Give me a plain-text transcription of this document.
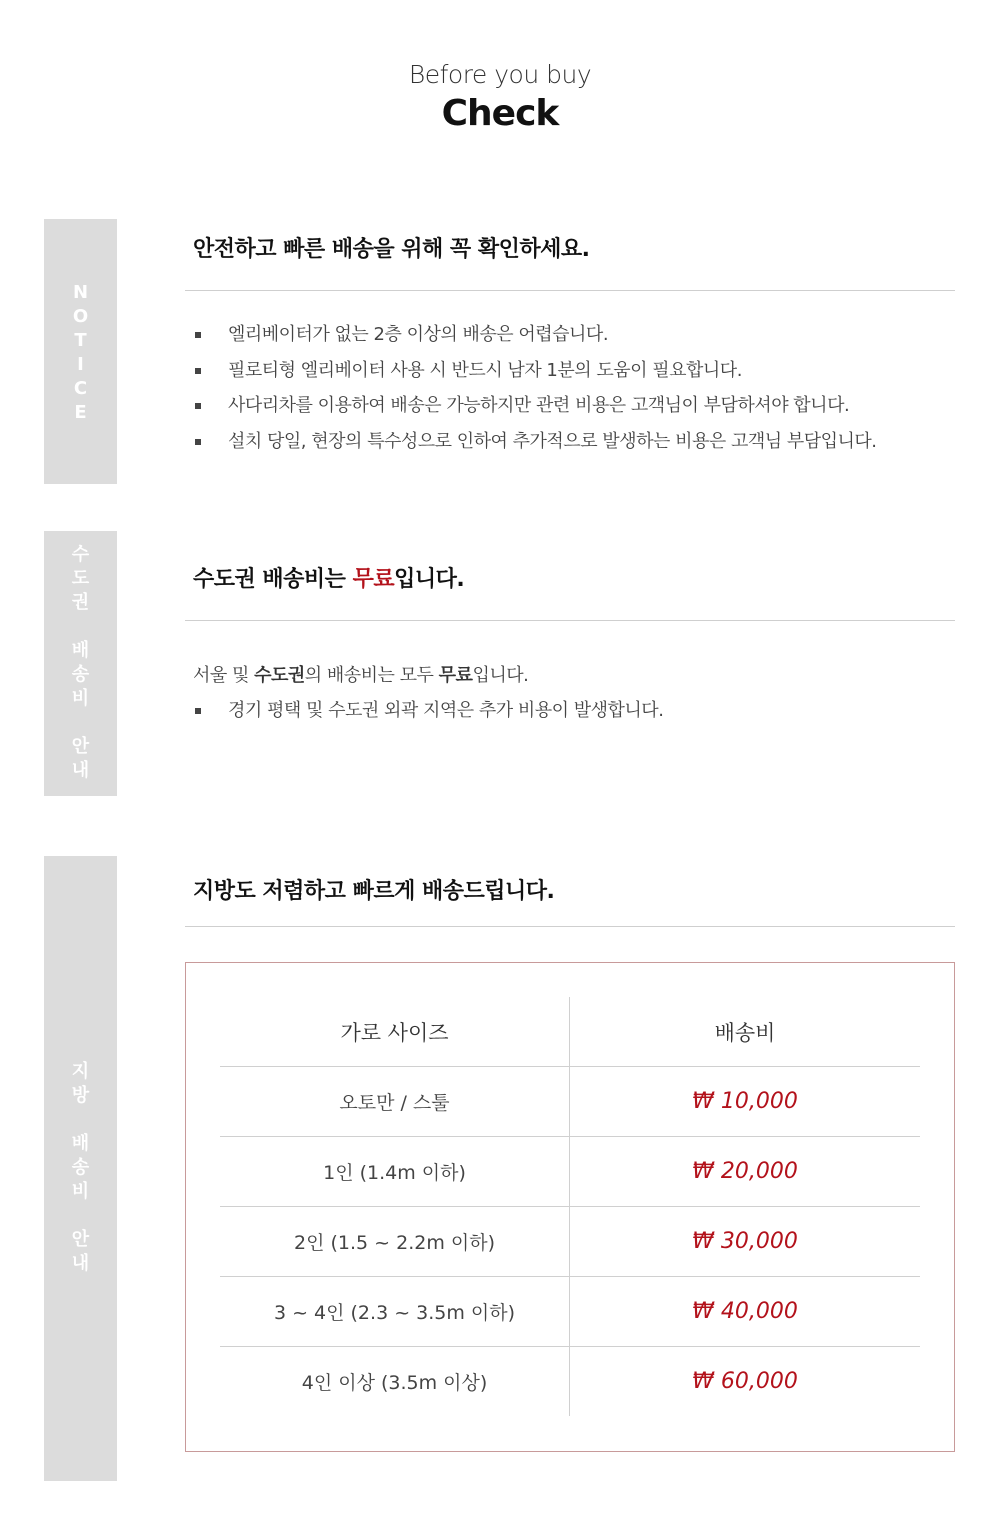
Before you buy
Check
N
O
T
I
C
E
안전하고 빠른 배송을 위해 꼭 확인하세요.
엘리베이터가 없는 2층 이상의 배송은 어렵습니다.
필로티형 엘리베이터 사용 시 반드시 남자 1분의 도움이 필요합니다.
사다리차를 이용하여 배송은 가능하지만 관련 비용은 고객님이 부담하셔야 합니다.
설치 당일, 현장의 특수성으로 인하여 추가적으로 발생하는 비용은 고객님 부담입니다.
수
도
권
배
송
비
안
내
수도권 배송비는 무료입니다.
서울 및 수도권의 배송비는 모두 무료입니다.
경기 평택 및 수도권 외곽 지역은 추가 비용이 발생합니다.
지
방
배
송
비
안
내
지방도 저렴하고 빠르게 배송드립니다.
가로 사이즈	배송비
오토만 / 스툴	₩ 10,000
1인 (1.4m 이하)	₩ 20,000
2인 (1.5 ~ 2.2m 이하)	₩ 30,000
3 ~ 4인 (2.3 ~ 3.5m 이하)	₩ 40,000
4인 이상 (3.5m 이상)	₩ 60,000
